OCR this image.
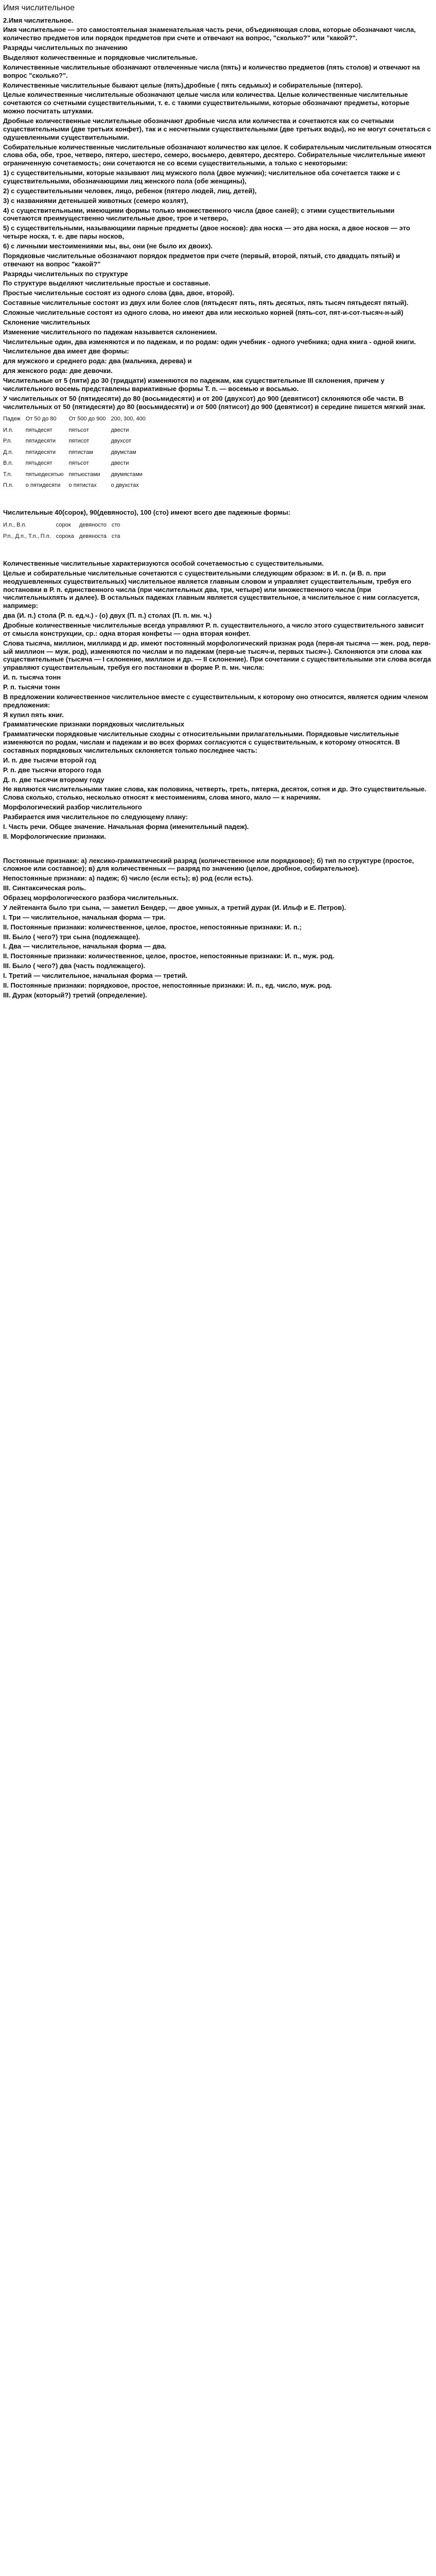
Имя числительное

2.Имя числительное.

Имя числительное — это самостоятельная знаменательная часть речи, объединяющая слова, которые обозначают числа, количество предметов или порядок предметов при счете и отвечают на вопрос, "сколько?" или "какой?".

Разряды числительных по значению

Выделяют количественные и порядковые числительные.

Количественные числительные обозначают отвлеченные числа (пять) и количество предметов (пять столов) и отвечают на вопрос "сколько?".

Количественные числительные бывают целые (пять),дробные ( пять седьмых) и собирательные (пятеро).

Целые количественные числительные обозначают целые числа или количества. Целые количественные числительные сочетаются со счетными существительными, т. е. с такими существительными, которые обозначают предметы, которые можно посчитать штуками.

Дробные количественные числительные обозначают дробные числа или количества и сочетаются как со счетными существительными (две третьих конфет), так и с несчетными существительными (две третьих воды), но не могут сочетаться с одушевленными существительными.

Собирательные количественные числительные обозначают количество как целое. К собирательным числительным относятся слова оба, обе, трое, четверо, пятеро, шестеро, семеро, восьмеро, девятеро, десятеро. Собирательные числительные имеют ограниченную сочетаемость; они сочетаются не со всеми существительными, а только с некоторыми:

1) с существительными, которые называют лиц мужского пола (двое мужчин); числительное оба сочетается также и с существительными, обозначающими лиц женского пола (обе женщины),

2) с существительными человек, лицо, ребенок (пятеро людей, лиц, детей),

3) с названиями детенышей животных (семеро козлят),

4) с существительными, имеющими формы только множественного числа (двое саней); с этими существительными сочетаются преимущественно числительные двое, трое и четверо,

5) с существительными, называющими парные предметы (двое носков): два носка — это два носка, а двое носков — это четыре носка, т. е. две пары носков,

6) с личными местоимениями мы, вы, они (не было их двоих).

Порядковые числительные обозначают порядок предметов при счете (первый, второй, пятый, сто двадцать пятый) и отвечают на вопрос "какой?"

Разряды числительных по структуре

По структуре выделяют числительные простые и составные.

Простые числительные состоят из одного слова (два, двое, второй).

Составные числительные состоят из двух или более слов (пятьдесят пять, пять десятых, пять тысяч пятьдесят пятый).

Сложные числительные состоят из одного слова, но имеют два или несколько корней (пять-сот, пят-и-сот-тысяч-н-ый)

Склонение числительных

Изменение числительного по падежам называется склонением.

Числительные один, два изменяются и по падежам, и по родам: один учебник - одного учебника; одна книга - одной книги.

Числительное два имеет две формы:

для мужского и среднего рода: два (мальчика, дерева) и

для женского рода: две девочки.

Числительные от 5 (пяти) до 30 (тридцати) изменяются по падежам, как существительные III склонения, причем у числительного восемь представлены вариативные формы Т. п. — восемью и восьмью.

У числительных от 50 (пятидесяти) до 80 (восьмидесяти) и от 200 (двухсот) до 900 (девятисот) склоняются обе части. В числительных от 50 (пятидесяти) до 80 (восьмидесяти) и от 500 (пятисот) до 900 (девятисот) в середине пишется мягкий знак.

Падеж	От 50 до 80	От 500 до 900	200, 300, 400
И.п.	пятьдесят	пятьсот	двести
Р.п.	пятидесяти	пятисот	двухсот
Д.п.	пятидесяти	пятистам	двумстам
В.п.	пятьдесят	пятьсот	двести
Т.п.	пятьюдесятью	пятьюстами	двумястами
П.п.	о пятидесяти	о пятистах	о двухстах

Числительные 40(сорок), 90(девяносто), 100 (сто) имеют всего две падежные формы:

И.п., В.п.	сорок	девяносто	сто
Р.п., Д.п., Т.п., П.п.	сорока	девяноста	ста

Количественные числительные характеризуются особой сочетаемостью с существительными.

Целые и собирательные числительные сочетаются с существительными следующим образом: в И. п. (и В. п. при неодушевленных существительных) числительное является главным словом и управляет существительным, требуя его постановки в Р. п. единственного числа (при числительных два, три, четыре) или множественного числа (при числительныхпять и далее). В остальных падежах главным является существительное, а числительное с ним согласуется, например:

два (И. п.) стола (Р. п. ед.ч.) - (о) двух (П. п.) столах (П. п. мн. ч.)

Дробные количественные числительные всегда управляют Р. п. существительного, а число этого существительного зависит от смысла конструкции, ср.: одна вторая конфеты — одна вторая конфет.

Слова тысяча, миллион, миллиард и др. имеют постоянный морфологический признак рода (перв-ая тысяча — жен. род, перв-ый миллион — муж. род), изменяются по числам и по падежам (перв-ые тысяч-и, первых тысяч-). Склоняются эти слова как существительные (тысяча — I склонение, миллион и др. — II склонение). При сочетании с существительными эти слова всегда управляют существительным, требуя его постановки в форме Р. п. мн. числа:

И. п. тысяча тонн

Р. п. тысячи тонн

В предложении количественное числительное вместе с существительным, к которому оно относится, является одним членом предложения:

Я купил пять книг.

Грамматические признаки порядковых числительных

Грамматически порядковые числительные сходны с относительными прилагательными. Порядковые числительные изменяются по родам, числам и падежам и во всех формах согласуются с существительным, к которому относятся. В составных порядковых числительных склоняется только последнее часть:

И. п. две тысячи второй год

Р. п. две тысячи второго года

Д. п. две тысячи второму году

Не являются числительными такие слова, как половина, четверть, треть, пятерка, десяток, сотня и др. Это существительные. Слова сколько, столько, несколько относят к местоимениям, слова много, мало — к наречиям.

Морфологический разбор числительного

Разбирается имя числительное по следующему плану:

I. Часть речи. Общее значение. Начальная форма (именительный падеж).

II. Морфологические признаки.

Постоянные признаки: а) лексико-грамматический разряд (количественное или порядковое); б) тип по структуре (простое, сложное или составное); в) для количественных — разряд по значению (целое, дробное, собирательное).

Непостоянные признаки: а) падеж; б) число (если есть); в) род (если есть).

III. Синтаксическая роль.

Образец морфологического разбора числительных.

У лейтенанта было три сына, — заметил Бендер, — двое умных, а третий дурак (И. Ильф и Е. Петров).

I. Три — числительное, начальная форма — три.

II. Постоянные признаки: количественное, целое, простое, непостоянные признаки: И. п.;

III. Было ( чего?) три сына (подлежащее).

I. Два — числительное, начальная форма — два.

II. Постоянные признаки: количественное, целое, простое, непостоянные признаки: И. п., муж. род.

III. Было ( чего?) два (часть подлежащего).

I. Третий — числительное, начальная форма — третий.

II. Постоянные признаки: порядковое, простое, непостоянные признаки: И. п., ед. число, муж. род.

III. Дурак (который?) третий (определение).
